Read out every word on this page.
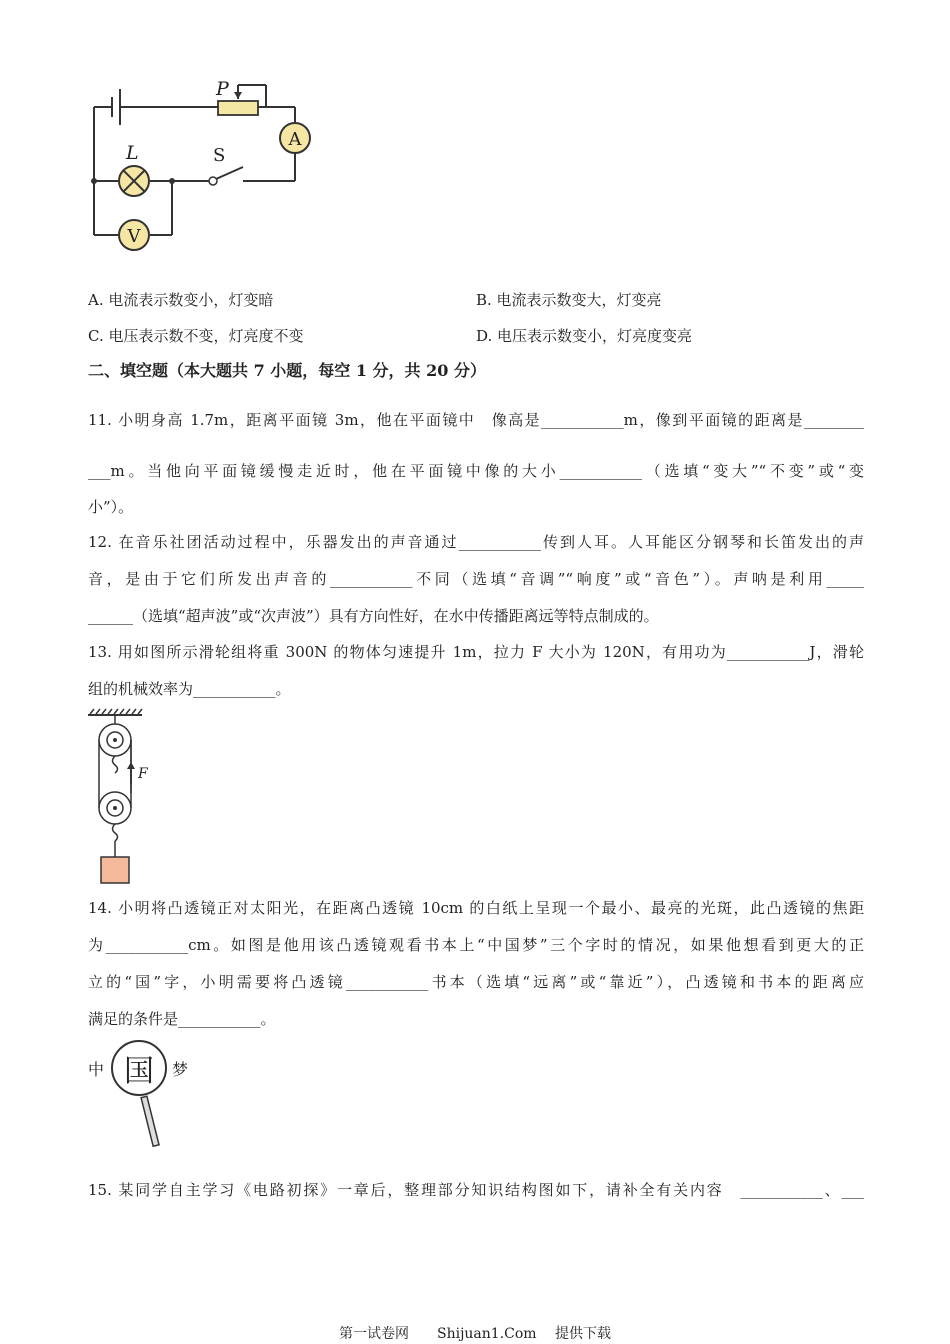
P
L	S
A
V
A. 电流表示数变小，灯变暗	B. 电流表示数变大，灯变亮
C. 电压表示数不变，灯亮度不变	D. 电压表示数变小，灯亮度变亮
二、填空题（本大题共 7 小题，每空 1 分，共 20 分）
11. 小明身高 1.7m，距离平面镜 3m，他在平面镜中　像高是___________m，像到平面镜的距离是________
___m。当他向平面镜缓慢走近时，他在平面镜中像的大小___________（选填“变大”“不变”或“变
小”）。
12. 在音乐社团活动过程中，乐器发出的声音通过___________传到人耳。人耳能区分钢琴和长笛发出的声
音，是由于它们所发出声音的___________不同（选填“音调”“响度”或“音色”）。声呐是利用_____
______（选填“超声波”或“次声波”）具有方向性好，在水中传播距离远等特点制成的。
13. 用如图所示滑轮组将重 300N 的物体匀速提升 1m，拉力 F 大小为 120N，有用功为___________J，滑轮
组的机械效率为___________。
F
14. 小明将凸透镜正对太阳光，在距离凸透镜 10cm 的白纸上呈现一个最小、最亮的光斑，此凸透镜的焦距
为___________cm。如图是他用该凸透镜观看书本上“中国梦”三个字时的情况，如果他想看到更大的正
立的“国”字，小明需要将凸透镜___________书本（选填“远离”或“靠近”），凸透镜和书本的距离应
满足的条件是___________。
中 国 梦
15. 某同学自主学习《电路初探》一章后，整理部分知识结构图如下，请补全有关内容　___________、___
第一试卷网　　Shijuan1.Com　 提供下载
